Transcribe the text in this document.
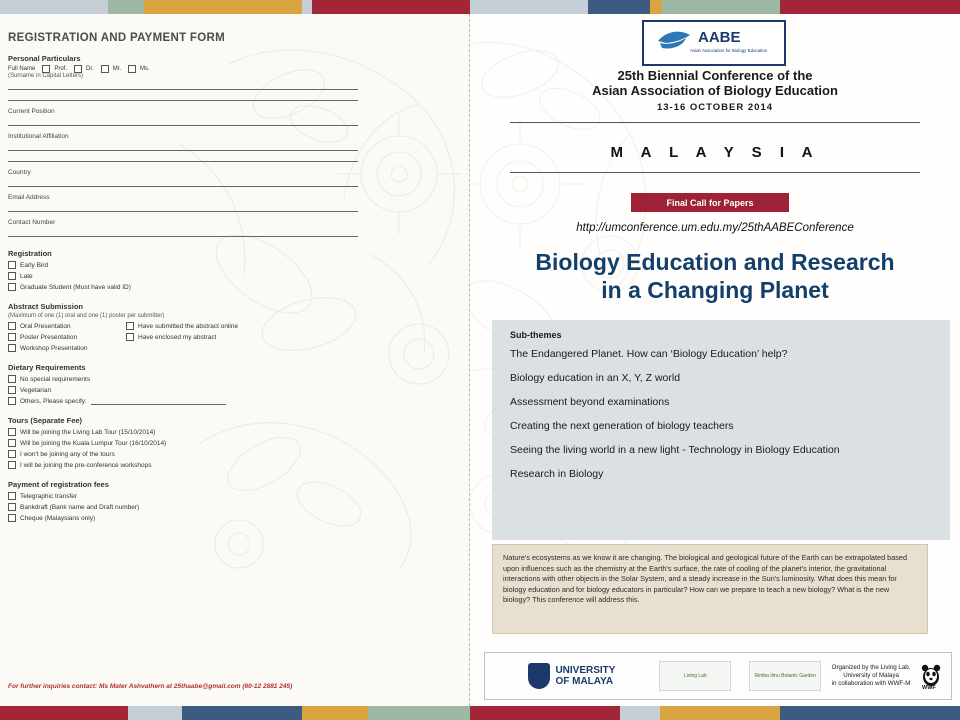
REGISTRATION AND PAYMENT FORM
Personal Particulars
Full Name	Prof.	Dr.	Mr.	Ms.
(Surname in Capital Letters)
Current Position
Institutional Affiliation
Country
Email Address
Contact Number
Registration
Early Bird
Late
Graduate Student (Must have valid ID)
Abstract Submission
(Maximum of one (1) oral and one (1) poster per submitter)
Oral Presentation	Have submitted the abstract online
Poster Presentation	Have enclosed my abstract
Workshop Presentation
Dietary Requirements
No special requirements
Vegetarian
Others. Please specify:
Tours (Separate Fee)
Will be joining the Living Lab Tour (15/10/2014)
Will be joining the Kuala Lumpur Tour (16/10/2014)
I won't be joining any of the tours
I will be joining the pre-conference workshops
Payment of registration fees
Telegraphic transfer
Bankdraft (Bank name and Draft number)
Cheque (Malaysians only)
For further inquiries contact: Ms Mater Ashvathern at 25thaabe@gmail.com (60-12 2881 245)
AABE
Asian Association for Biology Education
25th Biennial Conference of the
Asian Association of Biology Education
13-16 OCTOBER 2014
M A L A Y S I A
Final Call for Papers
http://umconference.um.edu.my/25thAABEConference
Biology Education and Research
in a Changing Planet
Sub-themes
The Endangered Planet. How can ‘Biology Education’ help?
Biology education in an X, Y, Z world
Assessment beyond examinations
Creating the next generation of biology teachers
Seeing the living world in a new light - Technology in Biology Education
Research in Biology
Nature's ecosystems as we know it are changing. The biological and geological future of the Earth can be extrapolated based upon influences such as the chemistry at the Earth's surface, the rate of cooling of the planet's interior, the gravitational interactions with other objects in the Solar System, and a steady increase in the Sun's luminosity. What does this mean for biology education and for biology educators in particular? How can we prepare to teach a new biology? What is the new biology? This conference will address this.
UNIVERSITY
OF MALAYA	Living Lab	Rimba Ilmu Botanic Garden
Organized by the Living Lab,
University of Malaya
in collaboration with WWF-M
WWF
